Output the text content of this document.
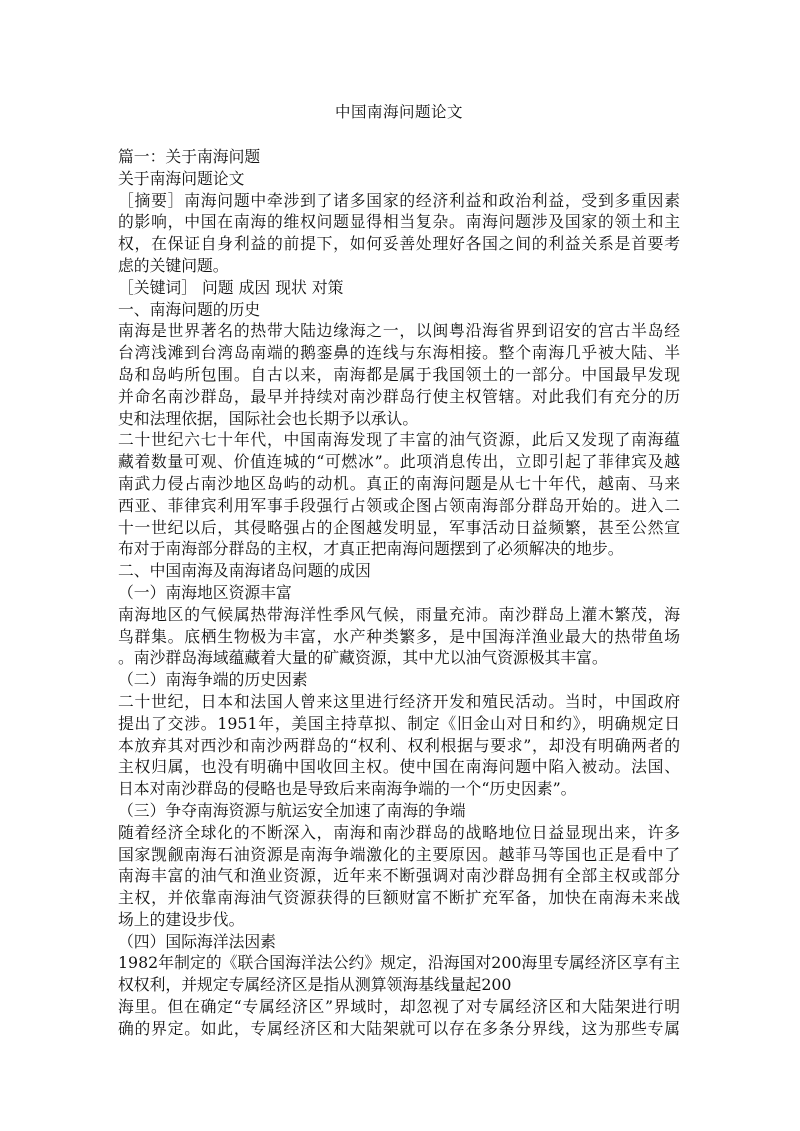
中国南海问题论文

篇一：关于南海问题

关于南海问题论文

［摘要］南海问题中牵涉到了诸多国家的经济利益和政治利益，受到多重因素

的影响，中国在南海的维权问题显得相当复杂。南海问题涉及国家的领土和主

权，在保证自身利益的前提下，如何妥善处理好各国之间的利益关系是首要考

虑的关键问题。

［关键词］ 问题 成因 现状 对策

一、南海问题的历史

南海是世界著名的热带大陆边缘海之一，以闽粤沿海省界到诏安的宫古半岛经

台湾浅滩到台湾岛南端的鹅銮鼻的连线与东海相接。整个南海几乎被大陆、半

岛和岛屿所包围。自古以来，南海都是属于我国领土的一部分。中国最早发现

并命名南沙群岛，最早并持续对南沙群岛行使主权管辖。对此我们有充分的历

史和法理依据，国际社会也长期予以承认。

二十世纪六七十年代，中国南海发现了丰富的油气资源，此后又发现了南海蕴

藏着数量可观、价值连城的“可燃冰”。此项消息传出，立即引起了菲律宾及越

南武力侵占南沙地区岛屿的动机。真正的南海问题是从七十年代，越南、马来

西亚、菲律宾利用军事手段强行占领或企图占领南海部分群岛开始的。进入二

十一世纪以后，其侵略强占的企图越发明显，军事活动日益频繁，甚至公然宣

布对于南海部分群岛的主权，才真正把南海问题摆到了必须解决的地步。

二、中国南海及南海诸岛问题的成因

（一）南海地区资源丰富

南海地区的气候属热带海洋性季风气候，雨量充沛。南沙群岛上灌木繁茂，海

鸟群集。底栖生物极为丰富，水产种类繁多，是中国海洋渔业最大的热带鱼场

。南沙群岛海域蕴藏着大量的矿藏资源，其中尤以油气资源极其丰富。

（二）南海争端的历史因素

二十世纪，日本和法国人曾来这里进行经济开发和殖民活动。当时，中国政府

提出了交涉。1951年，美国主持草拟、制定《旧金山对日和约》，明确规定日

本放弃其对西沙和南沙两群岛的“权利、权利根据与要求”，却没有明确两者的

主权归属，也没有明确中国收回主权。使中国在南海问题中陷入被动。法国、

日本对南沙群岛的侵略也是导致后来南海争端的一个“历史因素”。

（三）争夺南海资源与航运安全加速了南海的争端

随着经济全球化的不断深入，南海和南沙群岛的战略地位日益显现出来，许多

国家觊觎南海石油资源是南海争端激化的主要原因。越菲马等国也正是看中了

南海丰富的油气和渔业资源，近年来不断强调对南沙群岛拥有全部主权或部分

主权，并依靠南海油气资源获得的巨额财富不断扩充军备，加快在南海未来战

场上的建设步伐。

（四）国际海洋法因素

1982年制定的《联合国海洋法公约》规定，沿海国对200海里专属经济区享有主

权权利，并规定专属经济区是指从测算领海基线量起200

海里。但在确定“专属经济区”界域时，却忽视了对专属经济区和大陆架进行明

确的界定。如此，专属经济区和大陆架就可以存在多条分界线，这为那些专属
